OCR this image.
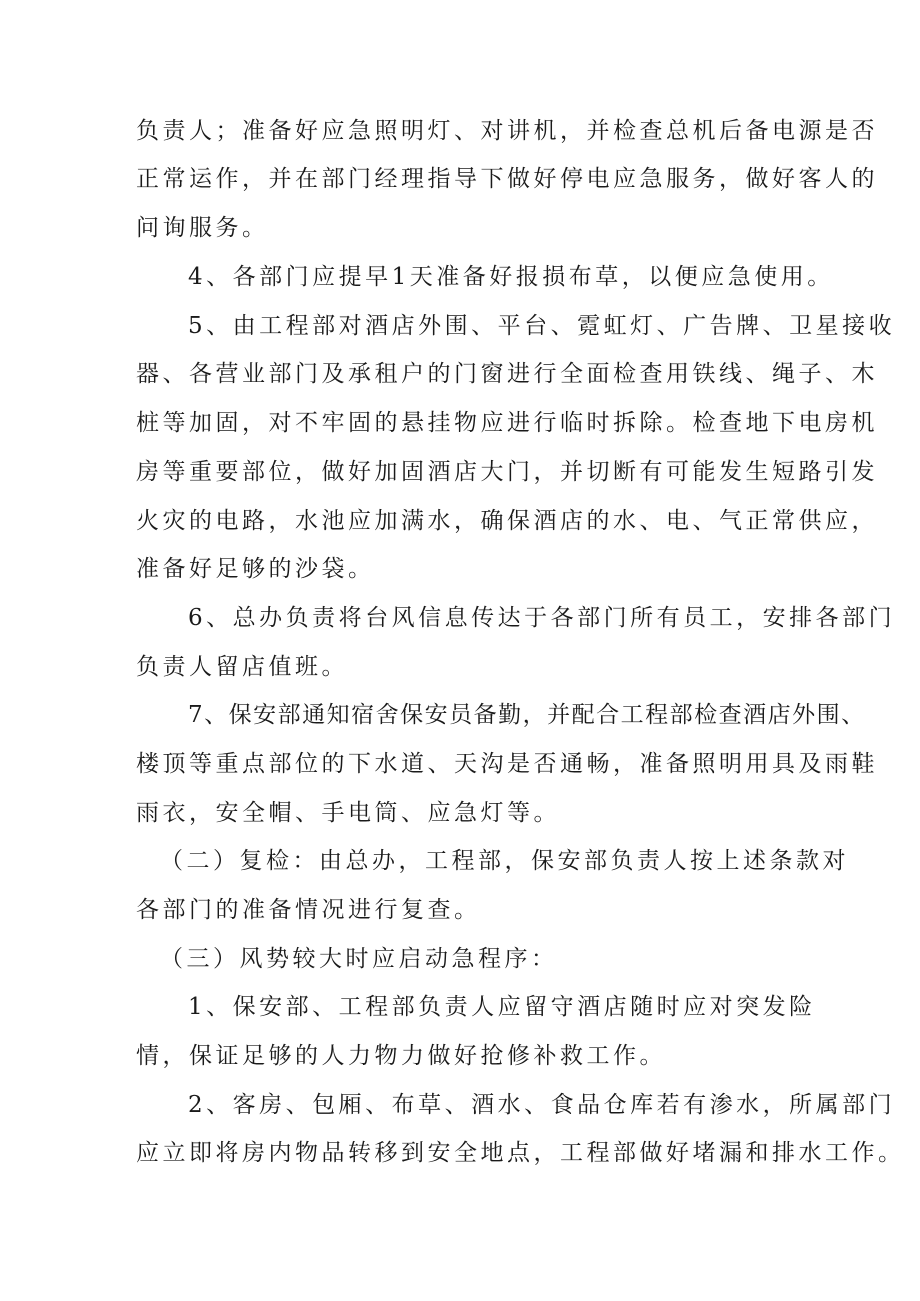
负责人；准备好应急照明灯、对讲机，并检查总机后备电源是否

正常运作，并在部门经理指导下做好停电应急服务，做好客人的

问询服务。

4、各部门应提早1天准备好报损布草，以便应急使用。

5、由工程部对酒店外围、平台、霓虹灯、广告牌、卫星接收

器、各营业部门及承租户的门窗进行全面检查用铁线、绳子、木

桩等加固，对不牢固的悬挂物应进行临时拆除。检查地下电房机

房等重要部位，做好加固酒店大门，并切断有可能发生短路引发

火灾的电路，水池应加满水，确保酒店的水、电、气正常供应，

准备好足够的沙袋。

6、总办负责将台风信息传达于各部门所有员工，安排各部门

负责人留店值班。

7、保安部通知宿舍保安员备勤，并配合工程部检查酒店外围、

楼顶等重点部位的下水道、天沟是否通畅，准备照明用具及雨鞋

雨衣，安全帽、手电筒、应急灯等。

（二）复检：由总办，工程部，保安部负责人按上述条款对

各部门的准备情况进行复查。

（三）风势较大时应启动急程序：

1、保安部、工程部负责人应留守酒店随时应对突发险

情，保证足够的人力物力做好抢修补救工作。

2、客房、包厢、布草、酒水、食品仓库若有渗水，所属部门

应立即将房内物品转移到安全地点，工程部做好堵漏和排水工作。
